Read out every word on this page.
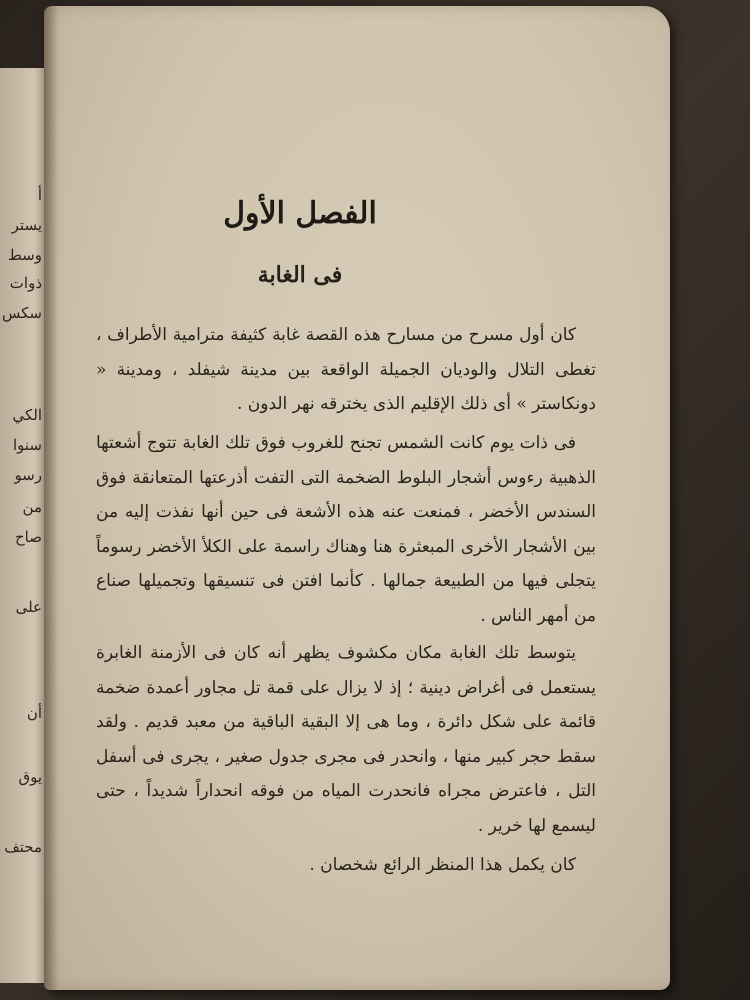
أ
يستر
وسط
ذوات
سكس
الكي
سنوا
رسو
من
صاح
على
أن
يوق
محتف
الفصل الأول
فى الغابة

كان أول مسرح من مسارح هذه القصة غابة كثيفة مترامية الأطراف ، تغطى التلال والوديان الجميلة الواقعة بين مدينة شيفلد ، ومدينة « دونكاستر » أى ذلك الإقليم الذى يخترقه نهر الدون .

فى ذات يوم كانت الشمس تجنح للغروب فوق تلك الغابة تتوج أشعتها الذهبية رءوس أشجار البلوط الضخمة التى التفت أذرعتها المتعانقة فوق السندس الأخضر ، فمنعت عنه هذه الأشعة فى حين أنها نفذت إليه من بين الأشجار الأخرى المبعثرة هنا وهناك راسمة على الكلأ الأخضر رسوماً يتجلى فيها من الطبيعة جمالها . كأنما افتن فى تنسيقها وتجميلها صناع من أمهر الناس .

يتوسط تلك الغابة مكان مكشوف يظهر أنه كان فى الأزمنة الغابرة يستعمل فى أغراض دينية ؛ إذ لا يزال على قمة تل مجاور أعمدة ضخمة قائمة على شكل دائرة ، وما هى إلا البقية الباقية من معبد قديم . ولقد سقط حجر كبير منها ، وانحدر فى مجرى جدول صغير ، يجرى فى أسفل التل ، فاعترض مجراه فانحدرت المياه من فوقه انحداراً شديداً ، حتى ليسمع لها خرير .

كان يكمل هذا المنظر الرائع شخصان .
